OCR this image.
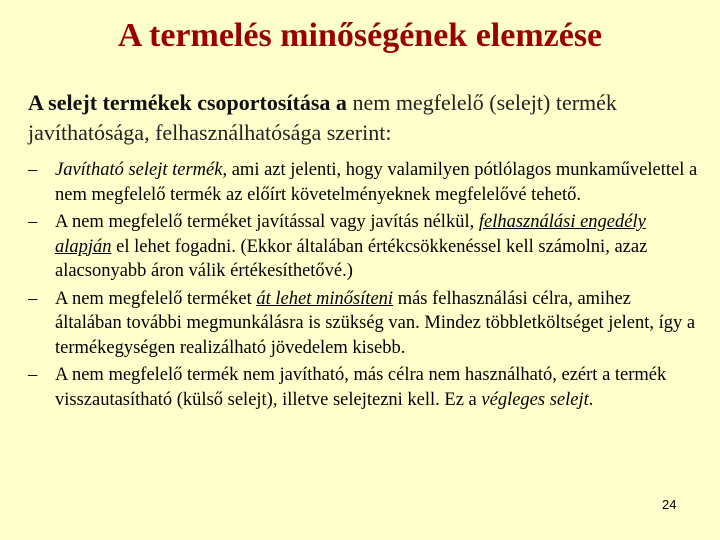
A termelés minőségének elemzése

A selejt termékek csoportosítása a nem megfelelő (selejt) termék javíthatósága, felhasználhatósága szerint:

– Javítható selejt termék, ami azt jelenti, hogy valamilyen pótlólagos munkaművelettel a nem megfelelő termék az előírt követelményeknek megfelelővé tehető.
– A nem megfelelő terméket javítással vagy javítás nélkül, felhasználási engedély alapján el lehet fogadni. (Ekkor általában értékcsökkenéssel kell számolni, azaz alacsonyabb áron válik értékesíthetővé.)
– A nem megfelelő terméket át lehet minősíteni más felhasználási célra, amihez általában további megmunkálásra is szükség van. Mindez többletköltséget jelent, így a termékegységen realizálható jövedelem kisebb.
– A nem megfelelő termék nem javítható, más célra nem használható, ezért a termék visszautasítható (külső selejt), illetve selejtezni kell. Ez a végleges selejt.
24
